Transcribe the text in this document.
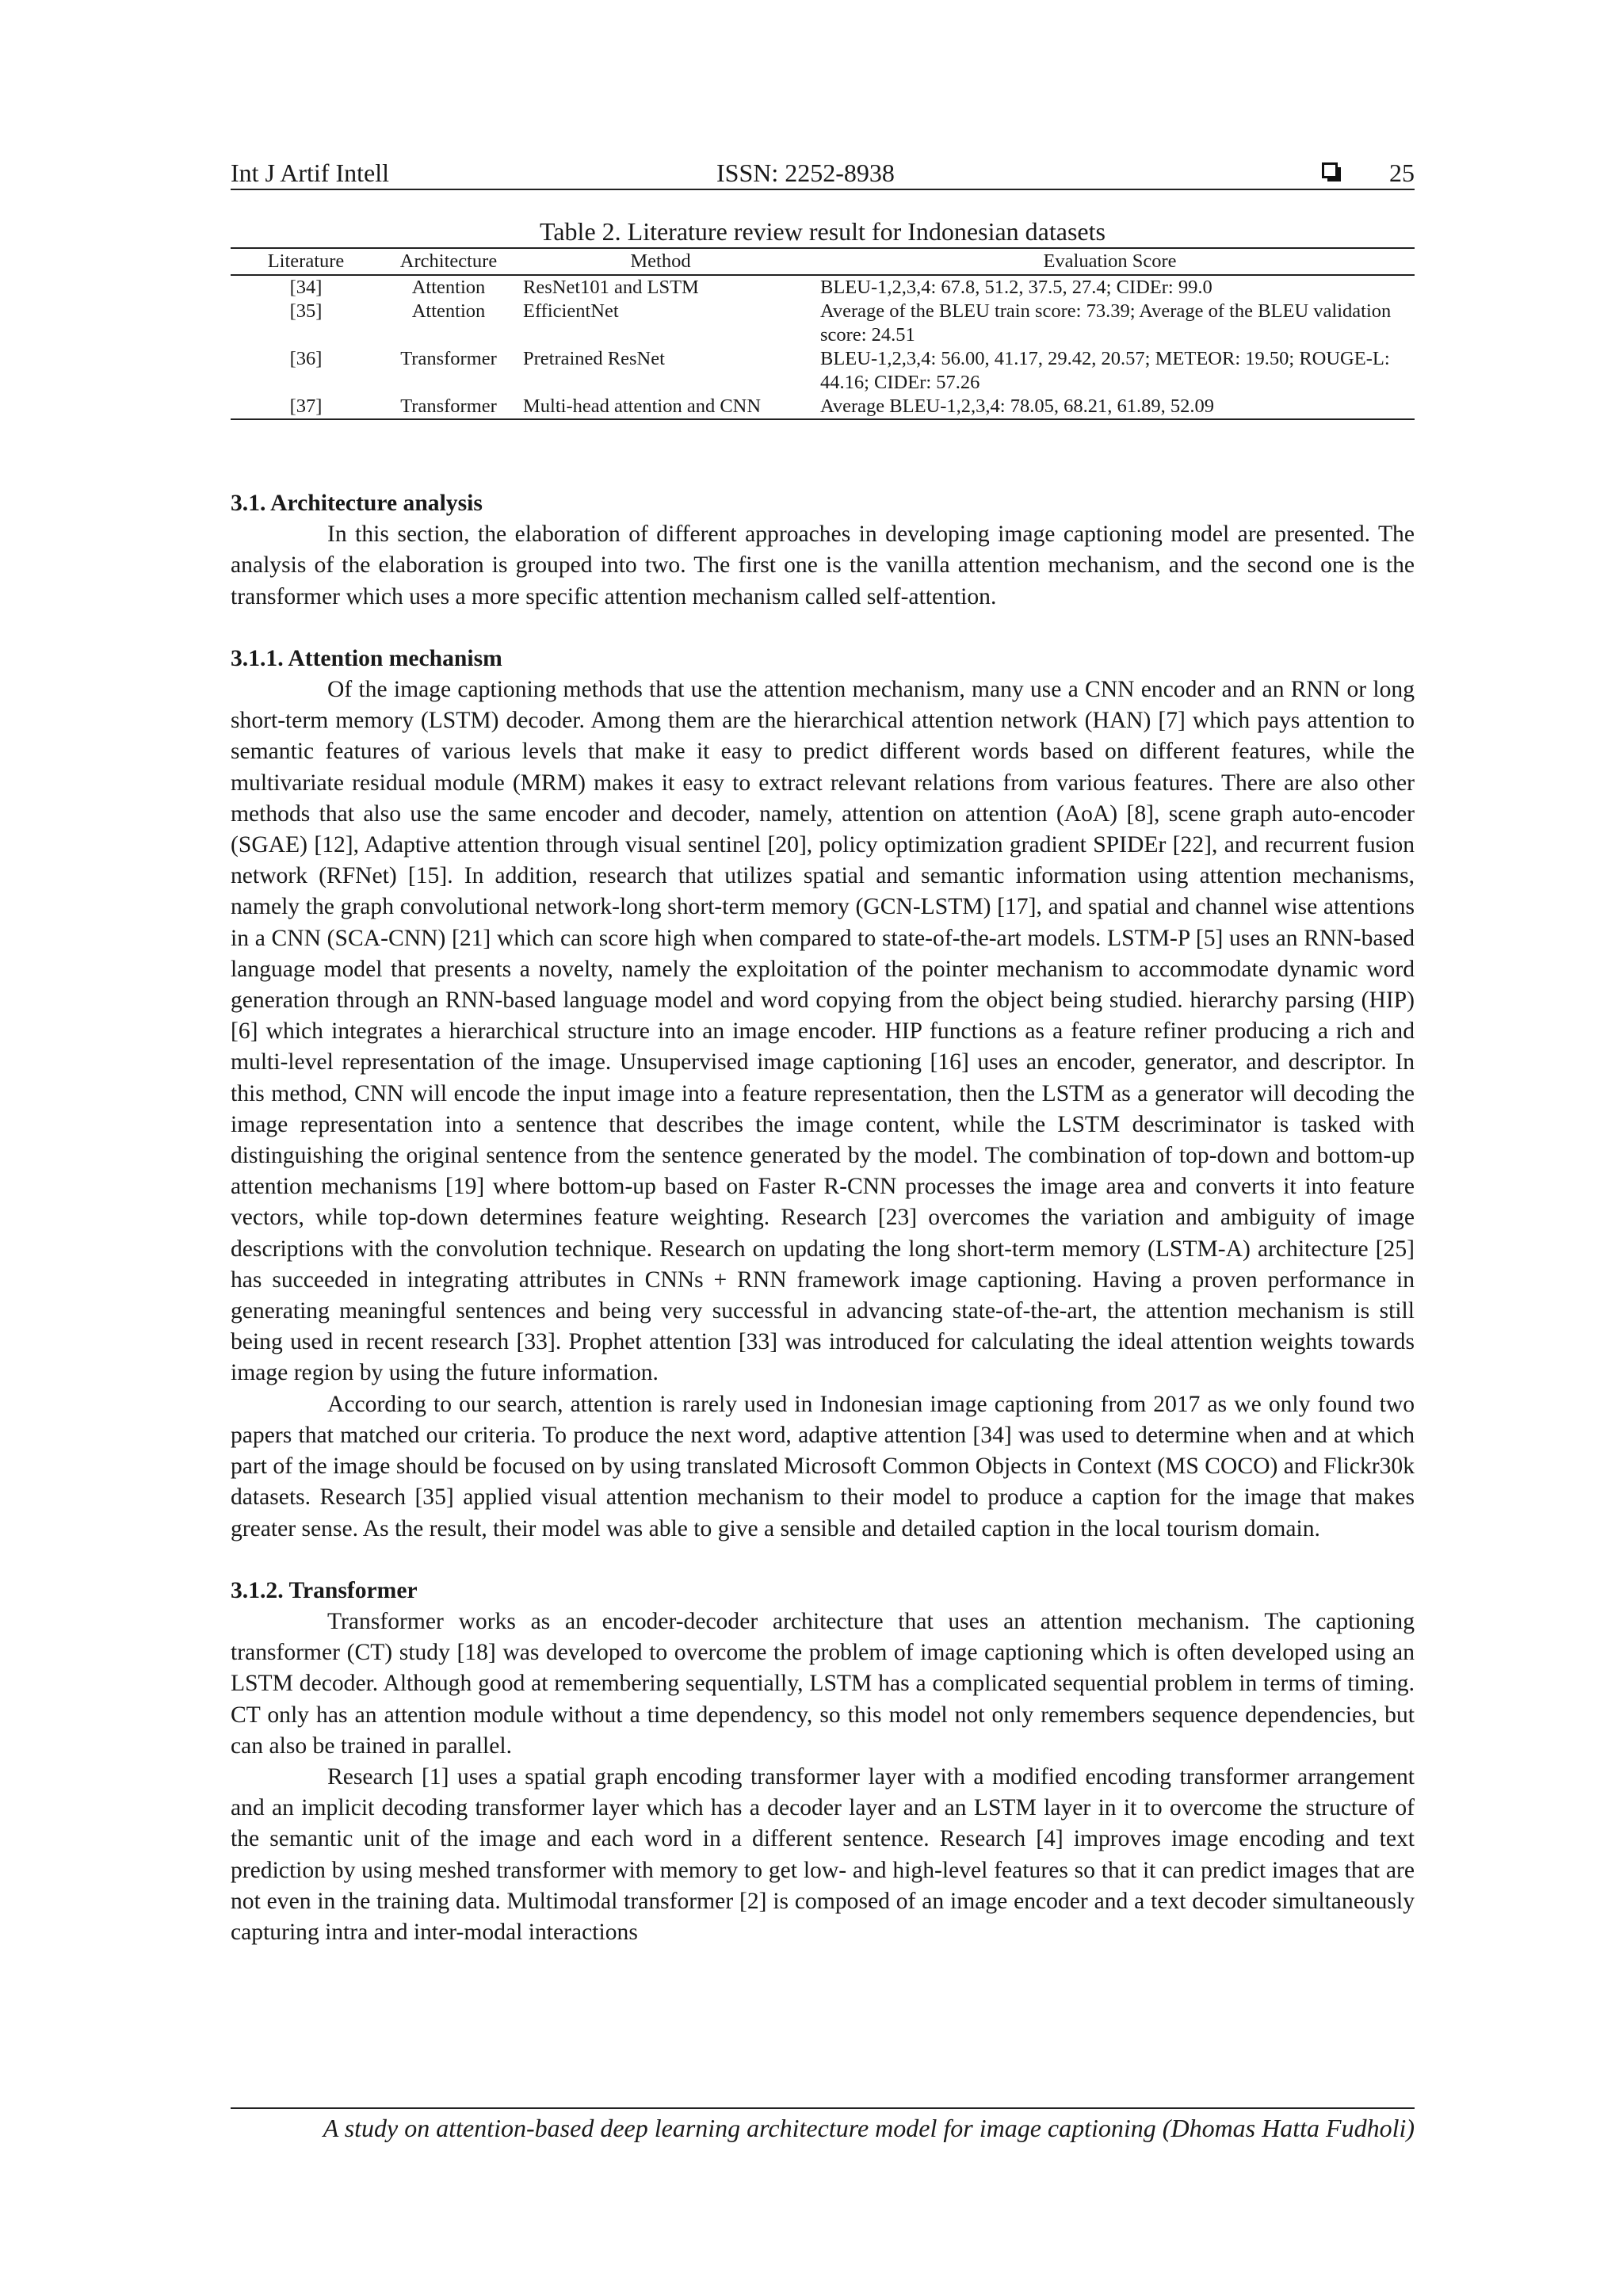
Int J Artif Intell	ISSN: 2252-8938	25
Table 2. Literature review result for Indonesian datasets
Literature	Architecture	Method	Evaluation Score
[34]	Attention	ResNet101 and LSTM	BLEU-1,2,3,4: 67.8, 51.2, 37.5, 27.4; CIDEr: 99.0
[35]	Attention	EfficientNet	Average of the BLEU train score: 73.39; Average of the BLEU validation score: 24.51
[36]	Transformer	Pretrained ResNet	BLEU-1,2,3,4: 56.00, 41.17, 29.42, 20.57; METEOR: 19.50; ROUGE-L: 44.16; CIDEr: 57.26
[37]	Transformer	Multi-head attention and CNN	Average BLEU-1,2,3,4: 78.05, 68.21, 61.89, 52.09
3.1. Architecture analysis

In this section, the elaboration of different approaches in developing image captioning model are presented. The analysis of the elaboration is grouped into two. The first one is the vanilla attention mechanism, and the second one is the transformer which uses a more specific attention mechanism called self-attention.

3.1.1. Attention mechanism

Of the image captioning methods that use the attention mechanism, many use a CNN encoder and an RNN or long short-term memory (LSTM) decoder. Among them are the hierarchical attention network (HAN) [7] which pays attention to semantic features of various levels that make it easy to predict different words based on different features, while the multivariate residual module (MRM) makes it easy to extract relevant relations from various features. There are also other methods that also use the same encoder and decoder, namely, attention on attention (AoA) [8], scene graph auto-encoder (SGAE) [12], Adaptive attention through visual sentinel [20], policy optimization gradient SPIDEr [22], and recurrent fusion network (RFNet) [15]. In addition, research that utilizes spatial and semantic information using attention mechanisms, namely the graph convolutional network-long short-term memory (GCN-LSTM) [17], and spatial and channel wise attentions in a CNN (SCA-CNN) [21] which can score high when compared to state-of-the-art models. LSTM-P [5] uses an RNN-based language model that presents a novelty, namely the exploitation of the pointer mechanism to accommodate dynamic word generation through an RNN-based language model and word copying from the object being studied. hierarchy parsing (HIP) [6] which integrates a hierarchical structure into an image encoder. HIP functions as a feature refiner producing a rich and multi-level representation of the image. Unsupervised image captioning [16] uses an encoder, generator, and descriptor. In this method, CNN will encode the input image into a feature representation, then the LSTM as a generator will decoding the image representation into a sentence that describes the image content, while the LSTM descriminator is tasked with distinguishing the original sentence from the sentence generated by the model. The combination of top-down and bottom-up attention mechanisms [19] where bottom-up based on Faster R-CNN processes the image area and converts it into feature vectors, while top-down determines feature weighting. Research [23] overcomes the variation and ambiguity of image descriptions with the convolution technique. Research on updating the long short-term memory (LSTM-A) architecture [25] has succeeded in integrating attributes in CNNs + RNN framework image captioning. Having a proven performance in generating meaningful sentences and being very successful in advancing state-of-the-art, the attention mechanism is still being used in recent research [33]. Prophet attention [33] was introduced for calculating the ideal attention weights towards image region by using the future information.

According to our search, attention is rarely used in Indonesian image captioning from 2017 as we only found two papers that matched our criteria. To produce the next word, adaptive attention [34] was used to determine when and at which part of the image should be focused on by using translated Microsoft Common Objects in Context (MS COCO) and Flickr30k datasets. Research [35] applied visual attention mechanism to their model to produce a caption for the image that makes greater sense. As the result, their model was able to give a sensible and detailed caption in the local tourism domain.

3.1.2. Transformer

Transformer works as an encoder-decoder architecture that uses an attention mechanism. The captioning transformer (CT) study [18] was developed to overcome the problem of image captioning which is often developed using an LSTM decoder. Although good at remembering sequentially, LSTM has a complicated sequential problem in terms of timing. CT only has an attention module without a time dependency, so this model not only remembers sequence dependencies, but can also be trained in parallel.

Research [1] uses a spatial graph encoding transformer layer with a modified encoding transformer arrangement and an implicit decoding transformer layer which has a decoder layer and an LSTM layer in it to overcome the structure of the semantic unit of the image and each word in a different sentence. Research [4] improves image encoding and text prediction by using meshed transformer with memory to get low- and high-level features so that it can predict images that are not even in the training data. Multimodal transformer [2] is composed of an image encoder and a text decoder simultaneously capturing intra and inter-modal interactions

A study on attention-based deep learning architecture model for image captioning (Dhomas Hatta Fudholi)
